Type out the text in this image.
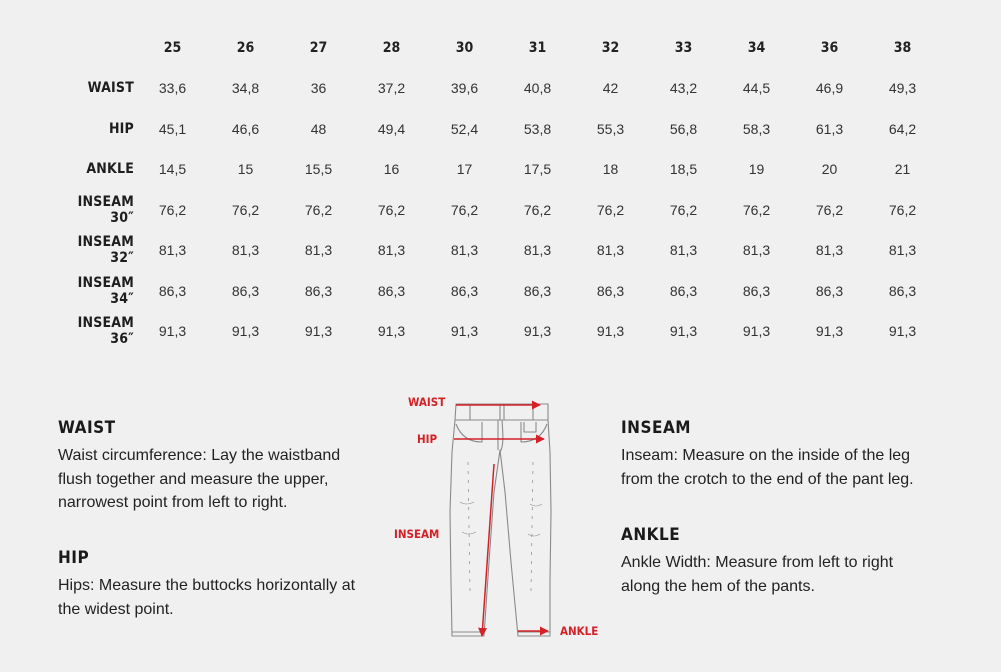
	25	26	27	28	30	31	32	33	34	36	38
WAIST	33,6	34,8	36	37,2	39,6	40,8	42	43,2	44,5	46,9	49,3
HIP	45,1	46,6	48	49,4	52,4	53,8	55,3	56,8	58,3	61,3	64,2
ANKLE	14,5	15	15,5	16	17	17,5	18	18,5	19	20	21
INSEAM 30″	76,2	76,2	76,2	76,2	76,2	76,2	76,2	76,2	76,2	76,2	76,2
INSEAM 32″	81,3	81,3	81,3	81,3	81,3	81,3	81,3	81,3	81,3	81,3	81,3
INSEAM 34″	86,3	86,3	86,3	86,3	86,3	86,3	86,3	86,3	86,3	86,3	86,3
INSEAM 36″	91,3	91,3	91,3	91,3	91,3	91,3	91,3	91,3	91,3	91,3	91,3
WAIST

Waist circumference: Lay the waistband flush together and measure the upper, narrowest point from left to right.

HIP

Hips: Measure the buttocks horizontally at the widest point.

INSEAM

Inseam: Measure on the inside of the leg from the crotch to the end of the pant leg.

ANKLE

Ankle Width: Measure from left to right along the hem of the pants.

WAIST
HIP
INSEAM
ANKLE
